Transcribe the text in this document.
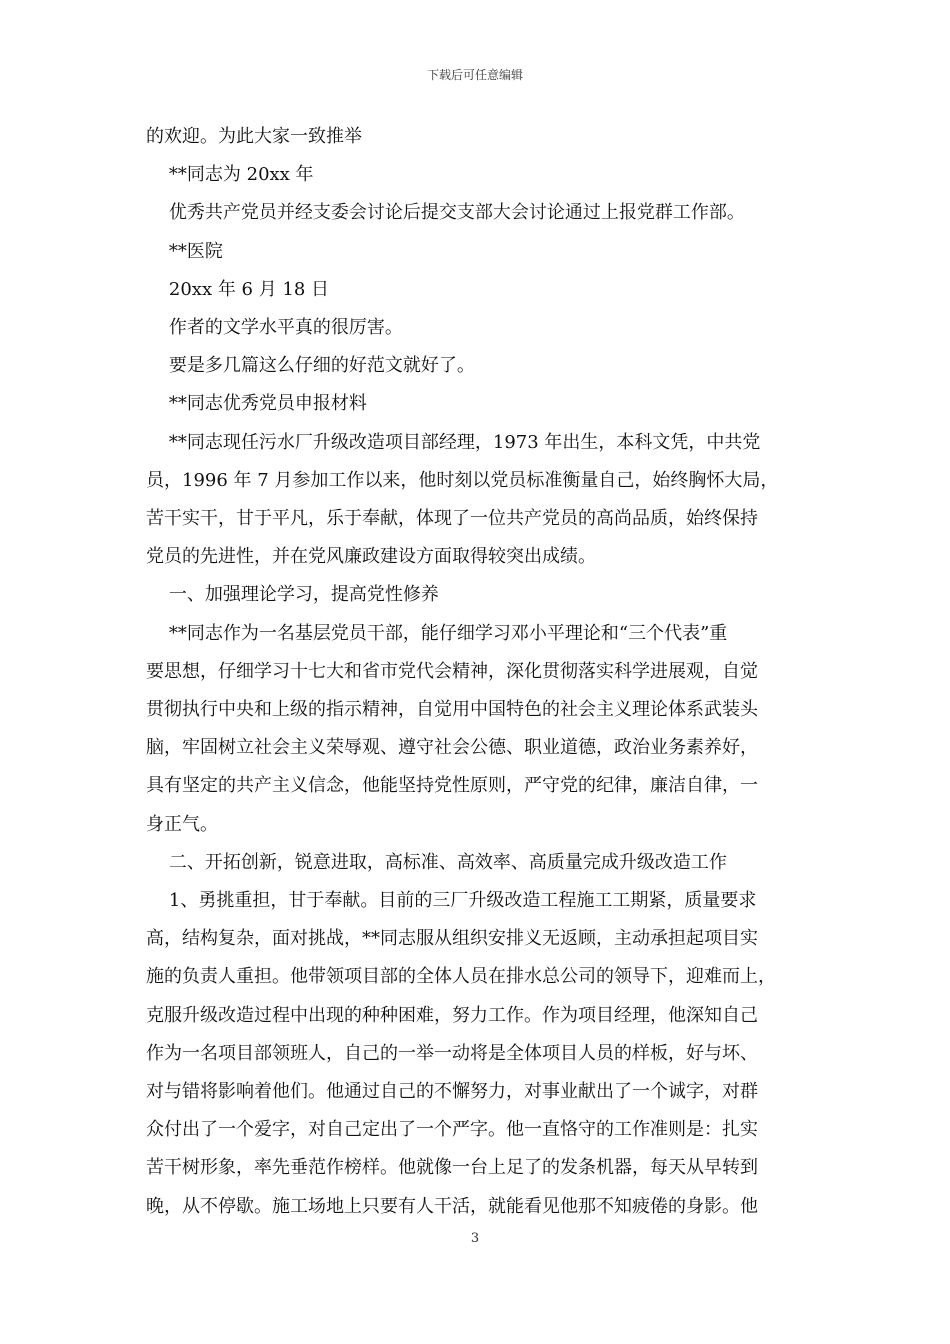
下载后可任意编辑

的欢迎。为此大家一致推举

**同志为 20xx 年

优秀共产党员并经支委会讨论后提交支部大会讨论通过上报党群工作部。

**医院

20xx 年 6 月 18 日

作者的文学水平真的很厉害。

要是多几篇这么仔细的好范文就好了。

**同志优秀党员申报材料

**同志现任污水厂升级改造项目部经理，1973 年出生，本科文凭，中共党

员，1996 年 7 月参加工作以来，他时刻以党员标准衡量自己，始终胸怀大局，

苦干实干，甘于平凡，乐于奉献，体现了一位共产党员的高尚品质，始终保持

党员的先进性，并在党风廉政建设方面取得较突出成绩。

一、加强理论学习，提高党性修养

**同志作为一名基层党员干部，能仔细学习邓小平理论和“三个代表”重

要思想，仔细学习十七大和省市党代会精神，深化贯彻落实科学进展观，自觉

贯彻执行中央和上级的指示精神，自觉用中国特色的社会主义理论体系武装头

脑，牢固树立社会主义荣辱观、遵守社会公德、职业道德，政治业务素养好，

具有坚定的共产主义信念，他能坚持党性原则，严守党的纪律，廉洁自律，一

身正气。

二、开拓创新，锐意进取，高标准、高效率、高质量完成升级改造工作

1、勇挑重担，甘于奉献。目前的三厂升级改造工程施工工期紧，质量要求

高，结构复杂，面对挑战，**同志服从组织安排义无返顾，主动承担起项目实

施的负责人重担。他带领项目部的全体人员在排水总公司的领导下，迎难而上，

克服升级改造过程中出现的种种困难，努力工作。作为项目经理，他深知自己

作为一名项目部领班人，自己的一举一动将是全体项目人员的样板，好与坏、

对与错将影响着他们。他通过自己的不懈努力，对事业献出了一个诚字，对群

众付出了一个爱字，对自己定出了一个严字。他一直恪守的工作准则是：扎实

苦干树形象，率先垂范作榜样。他就像一台上足了的发条机器，每天从早转到

晚，从不停歇。施工场地上只要有人干活，就能看见他那不知疲倦的身影。他

3
